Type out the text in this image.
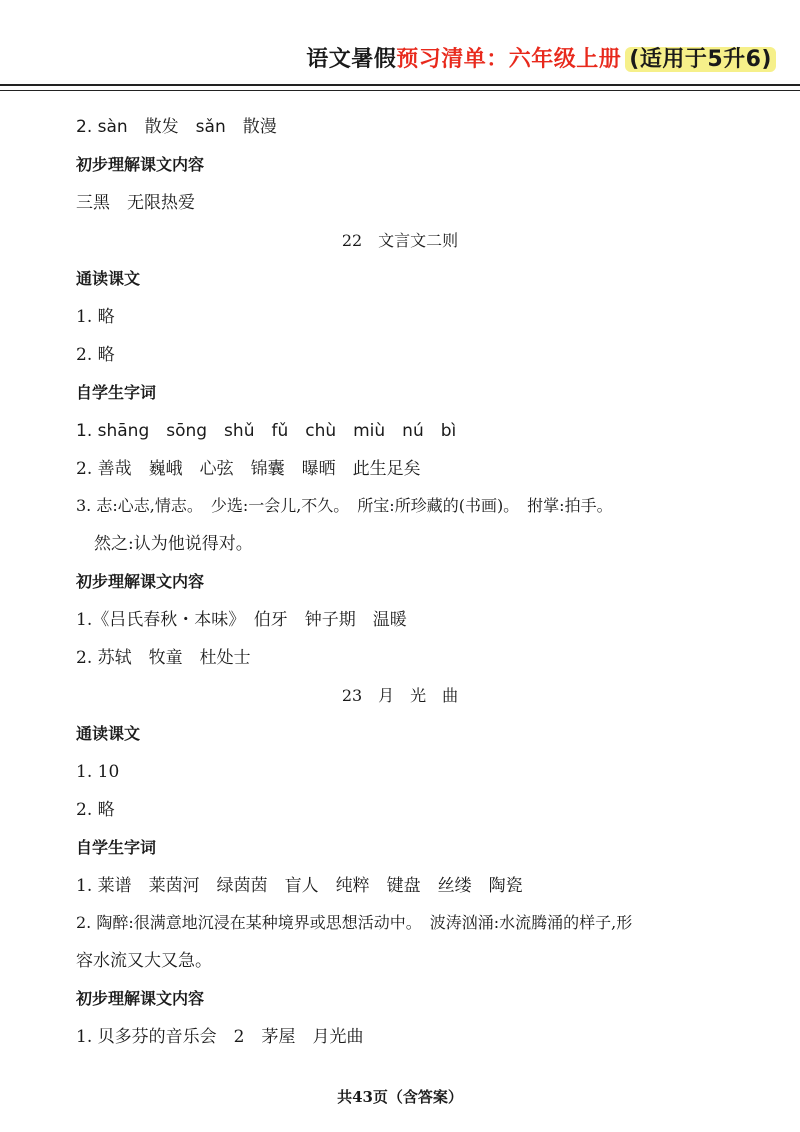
语文暑假预习清单：六年级上册 (适用于5升6)
2. sàn　散发　sǎn　散漫
初步理解课文内容
三黑　无限热爱
22　文言文二则
通读课文
1. 略
2. 略
自学生字词
1. shāng　sōng　shǔ　fǔ　chù　miù　nú　bì
2. 善哉　巍峨　心弦　锦囊　曝晒　此生足矣
3. 志:心志,情志。　少选:一会儿,不久。　所宝:所珍藏的(书画)。　拊掌:拍手。
然之:认为他说得对。
初步理解课文内容
1.《吕氏春秋・本味》　伯牙　钟子期　温暖
2. 苏轼　牧童　杜处士
23　月　光　曲
通读课文
1. 10
2. 略
自学生字词
1. 莱谱　莱茵河　绿茵茵　盲人　纯粹　键盘　丝缕　陶瓷
2. 陶醉:很满意地沉浸在某种境界或思想活动中。　波涛汹涌:水流腾涌的样子,形
容水流又大又急。
初步理解课文内容
1. 贝多芬的音乐会　2　茅屋　月光曲
共43页（含答案）
